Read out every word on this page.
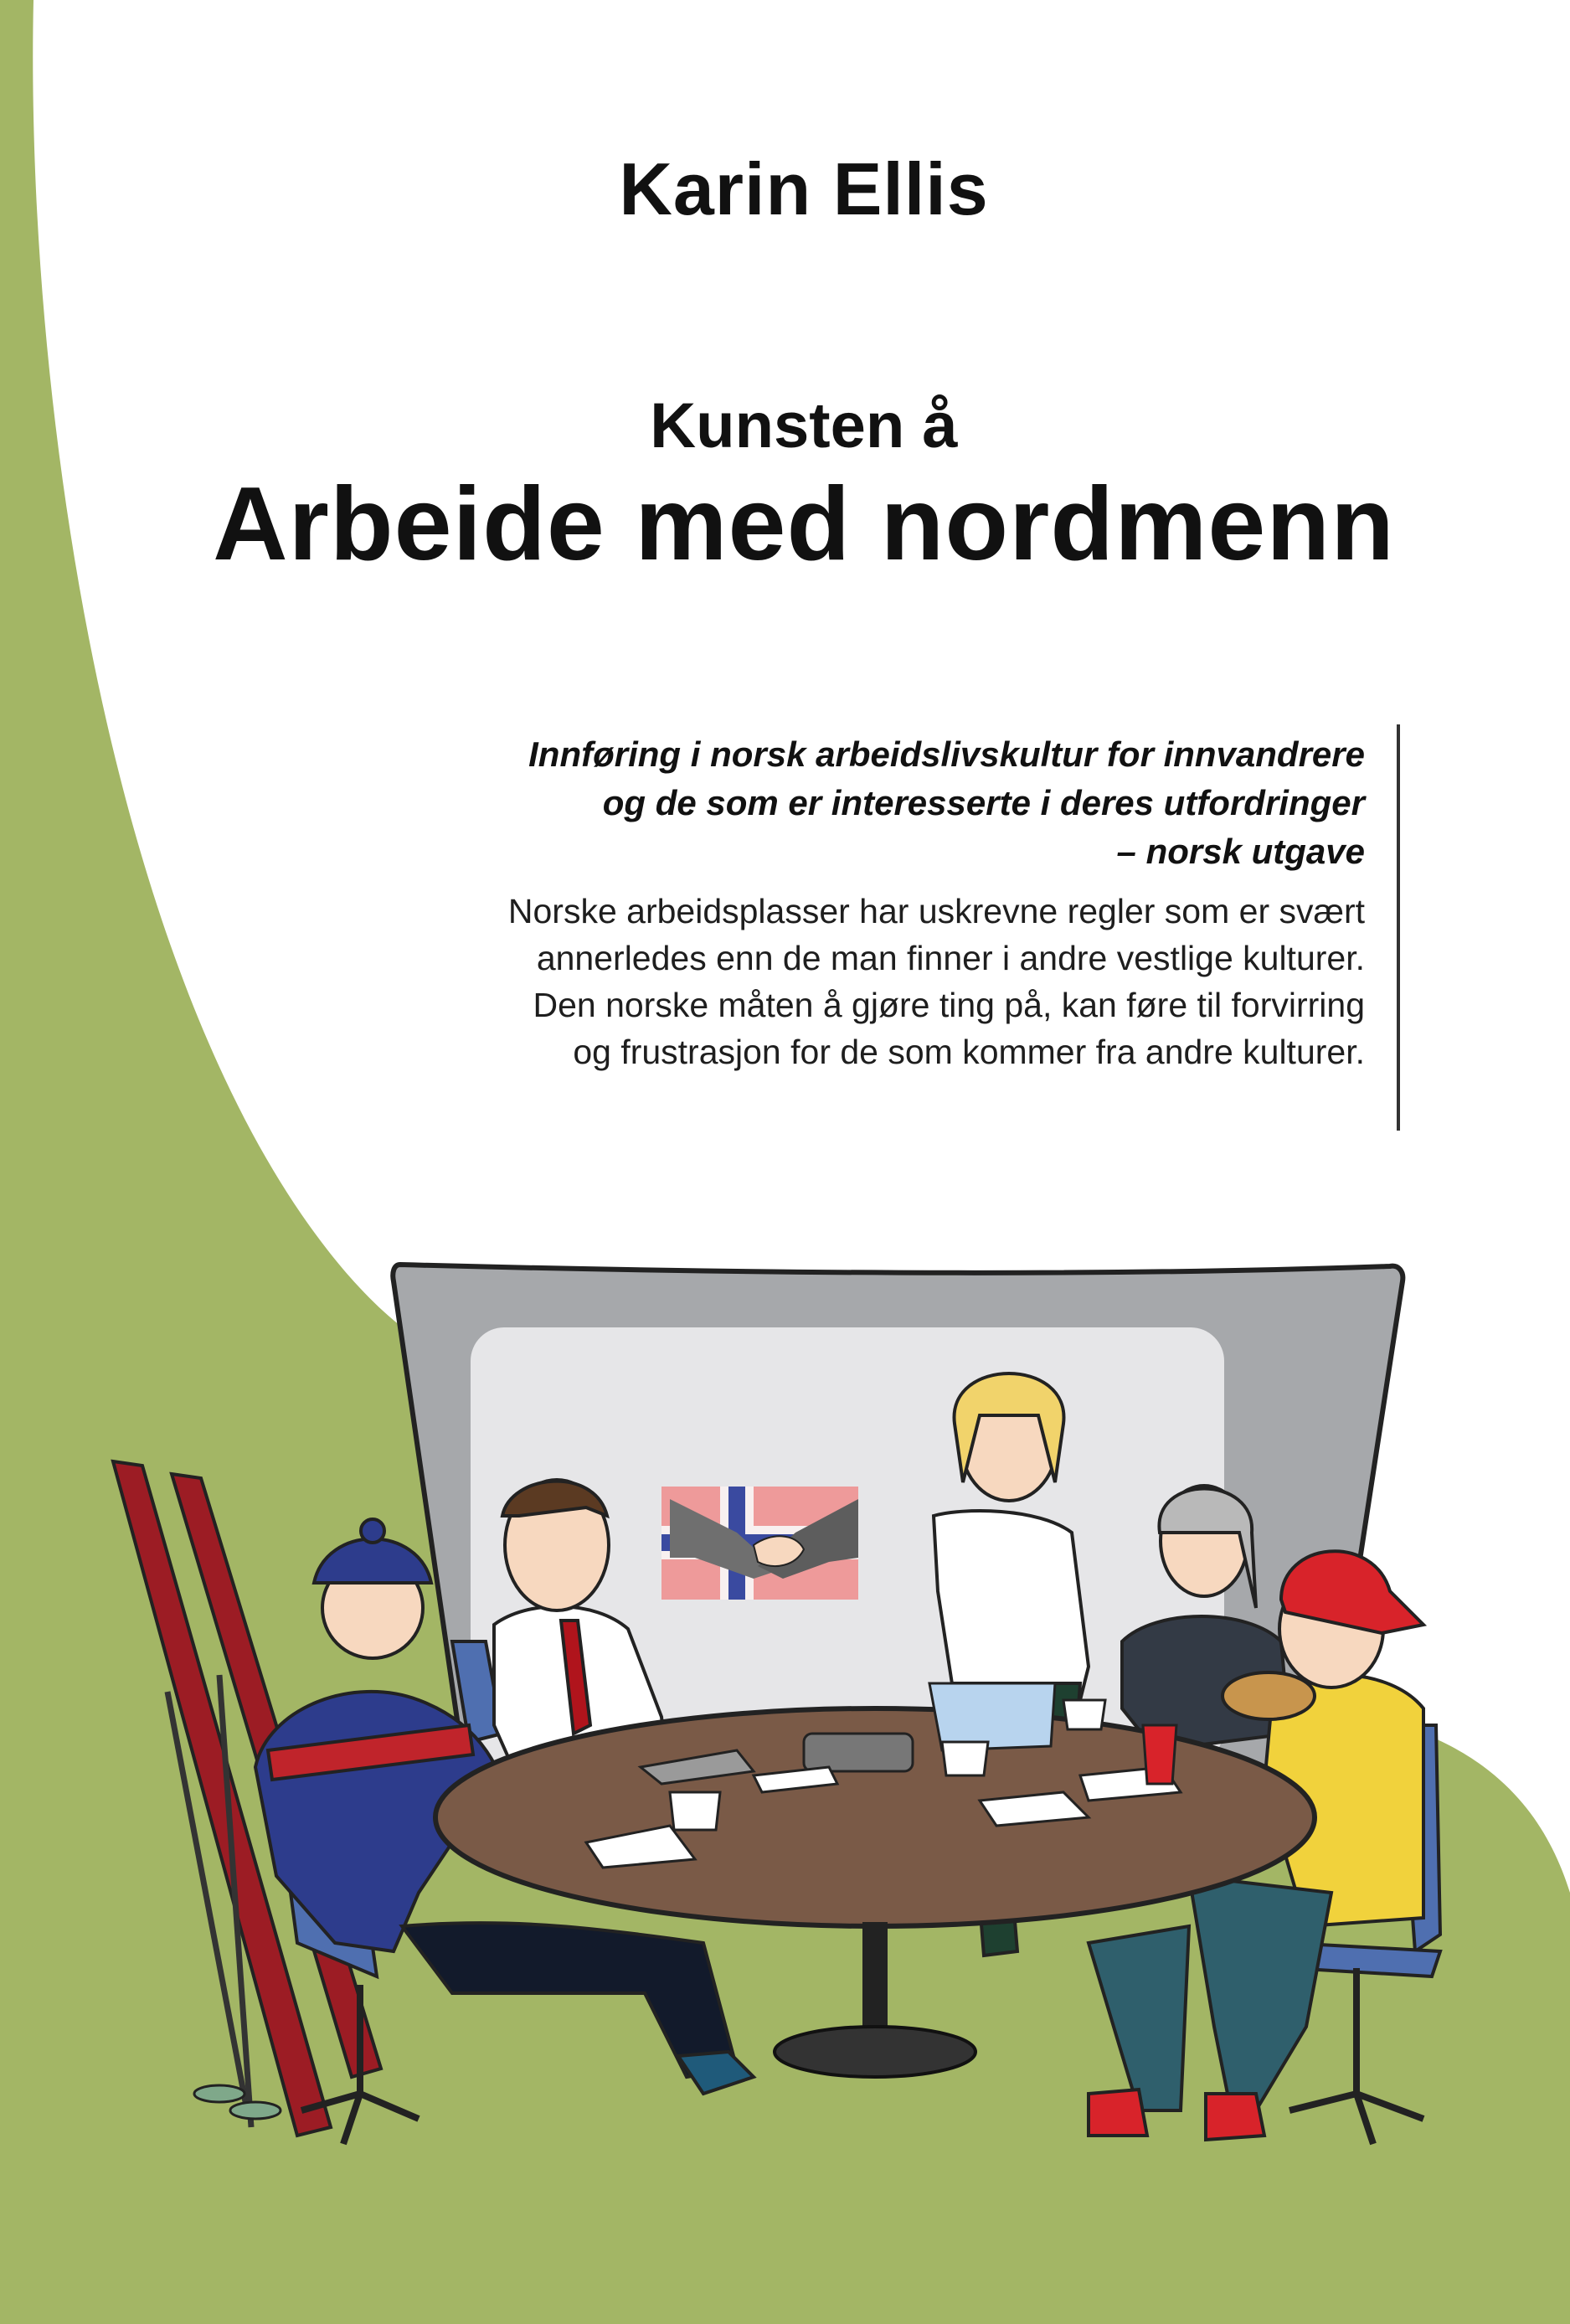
Karin Ellis
Kunsten å
Arbeide med nordmenn
Innføring i norsk arbeidslivskultur for innvandrere
og de som er interesserte i deres utfordringer
– norsk utgave
Norske arbeidsplasser har uskrevne regler som er svært
annerledes enn de man finner i andre vestlige kulturer.
Den norske måten å gjøre ting på, kan føre til forvirring
og frustrasjon for de som kommer fra andre kulturer.
